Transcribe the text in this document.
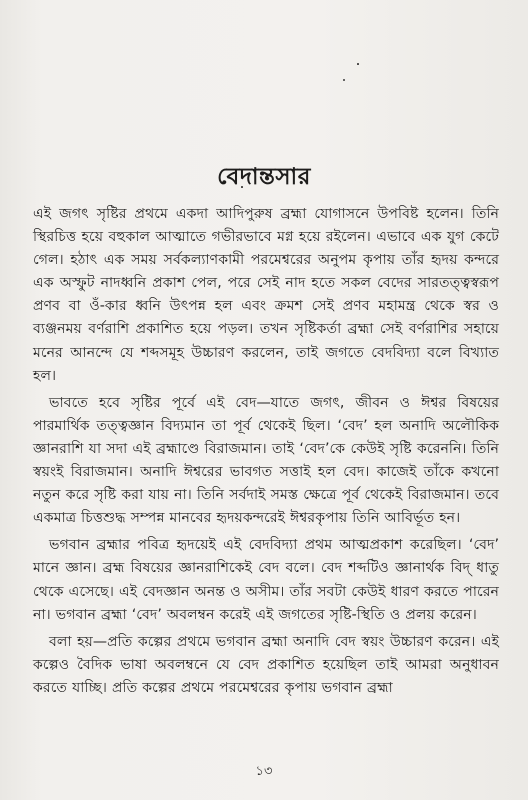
বেদান্তসার

এই জগৎ সৃষ্টির প্রথমে একদা আদিপুরুষ ব্রহ্মা যোগাসনে উপবিষ্ট হলেন। তিনি স্থিরচিত্ত হয়ে বহুকাল আত্মাতে গভীরভাবে মগ্ন হয়ে রইলেন। এভাবে এক যুগ কেটে গেল। হঠাৎ এক সময় সর্বকল্যাণকামী পরমেশ্বরের অনুপম কৃপায় তাঁর হৃদয় কন্দরে এক অস্ফুট নাদধ্বনি প্রকাশ পেল, পরে সেই নাদ হতে সকল বেদের সারতত্ত্বস্বরূপ প্রণব বা ওঁ-কার ধ্বনি উৎপন্ন হল এবং ক্রমশ সেই প্রণব মহামন্ত্র থেকে স্বর ও ব্যঞ্জনময় বর্ণরাশি প্রকাশিত হয়ে পড়ল। তখন সৃষ্টিকর্তা ব্রহ্মা সেই বর্ণরাশির সহায়ে মনের আনন্দে যে শব্দসমূহ উচ্চারণ করলেন, তাই জগতে বেদবিদ্যা বলে বিখ্যাত হল।

ভাবতে হবে সৃষ্টির পূর্বে এই বেদ—যাতে জগৎ, জীবন ও ঈশ্বর বিষয়ের পারমার্থিক তত্ত্বজ্ঞান বিদ্যমান তা পূর্ব থেকেই ছিল। ‘বেদ’ হল অনাদি অলৌকিক জ্ঞানরাশি যা সদা এই ব্রহ্মাণ্ডে বিরাজমান। তাই ‘বেদ’কে কেউই সৃষ্টি করেননি। তিনি স্বয়ংই বিরাজমান। অনাদি ঈশ্বরের ভাবগত সত্তাই হল বেদ। কাজেই তাঁকে কখনো নতুন করে সৃষ্টি করা যায় না। তিনি সর্বদাই সমস্ত ক্ষেত্রে পূর্ব থেকেই বিরাজমান। তবে একমাত্র চিত্তশুদ্ধ সম্পন্ন মানবের হৃদয়কন্দরেই ঈশ্বরকৃপায় তিনি আবির্ভূত হন।

ভগবান ব্রহ্মার পবিত্র হৃদয়েই এই বেদবিদ্যা প্রথম আত্মপ্রকাশ করেছিল। ‘বেদ’ মানে জ্ঞান। ব্রহ্ম বিষয়ের জ্ঞানরাশিকেই বেদ বলে। বেদ শব্দটিও জ্ঞানার্থক বিদ্ ধাতু থেকে এসেছে। এই বেদজ্ঞান অনন্ত ও অসীম। তাঁর সবটা কেউই ধারণ করতে পারেন না। ভগবান ব্রহ্মা ‘বেদ’ অবলম্বন করেই এই জগতের সৃষ্টি-স্থিতি ও প্রলয় করেন।

বলা হয়—প্রতি কল্পের প্রথমে ভগবান ব্রহ্মা অনাদি বেদ স্বয়ং উচ্চারণ করেন। এই কল্পেও বৈদিক ভাষা অবলম্বনে যে বেদ প্রকাশিত হয়েছিল তাই আমরা অনুধাবন করতে যাচ্ছি। প্রতি কল্পের প্রথমে পরমেশ্বরের কৃপায় ভগবান ব্রহ্মা

১৩
